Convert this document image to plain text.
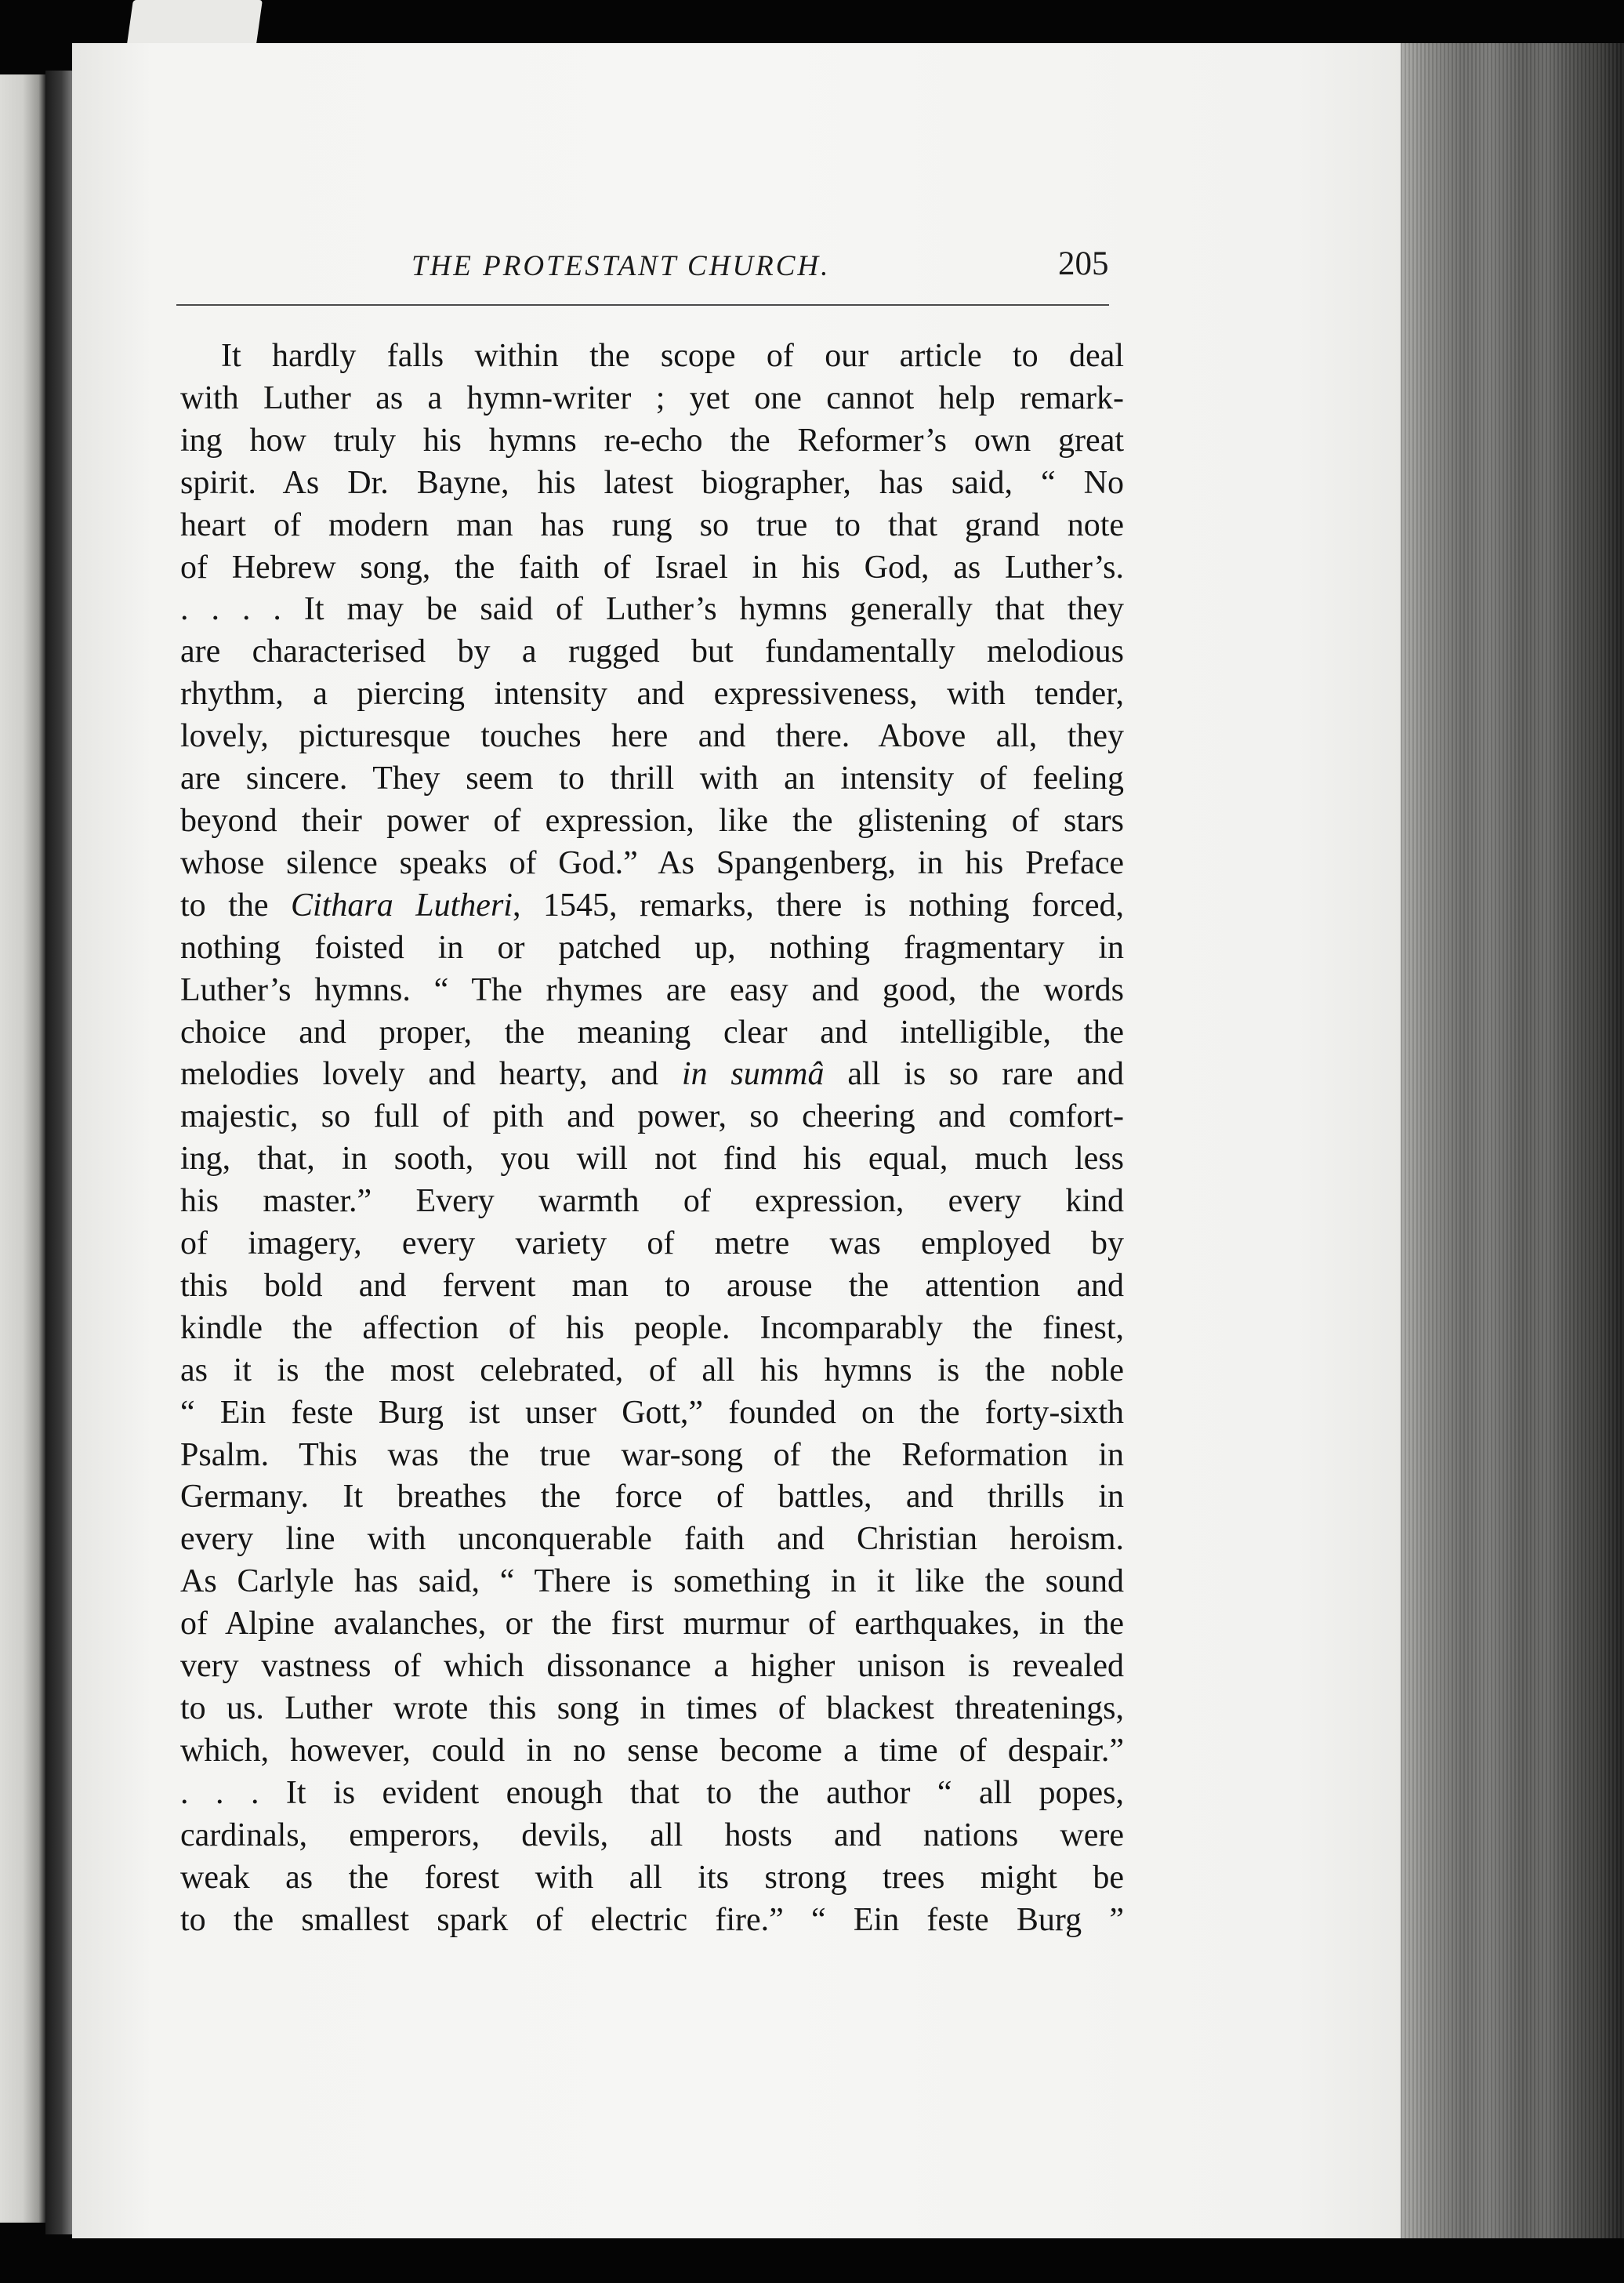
THE PROTESTANT CHURCH.	205
It hardly falls within the scope of our article to deal
with Luther as a hymn-writer ; yet one cannot help remark-
ing how truly his hymns re-echo the Reformer’s own great
spirit. As Dr. Bayne, his latest biographer, has said, “ No
heart of modern man has rung so true to that grand note
of Hebrew song, the faith of Israel in his God, as Luther’s.
. . . . It may be said of Luther’s hymns generally that they
are characterised by a rugged but fundamentally melodious
rhythm, a piercing intensity and expressiveness, with tender,
lovely, picturesque touches here and there. Above all, they
are sincere. They seem to thrill with an intensity of feeling
beyond their power of expression, like the glistening of stars
whose silence speaks of God.” As Spangenberg, in his Preface
to the Cithara Lutheri, 1545, remarks, there is nothing forced,
nothing foisted in or patched up, nothing fragmentary in
Luther’s hymns. “ The rhymes are easy and good, the words
choice and proper, the meaning clear and intelligible, the
melodies lovely and hearty, and in summâ all is so rare and
majestic, so full of pith and power, so cheering and comfort-
ing, that, in sooth, you will not find his equal, much less
his master.” Every warmth of expression, every kind
of imagery, every variety of metre was employed by
this bold and fervent man to arouse the attention and
kindle the affection of his people. Incomparably the finest,
as it is the most celebrated, of all his hymns is the noble
“ Ein feste Burg ist unser Gott,” founded on the forty-sixth
Psalm. This was the true war-song of the Reformation in
Germany. It breathes the force of battles, and thrills in
every line with unconquerable faith and Christian heroism.
As Carlyle has said, “ There is something in it like the sound
of Alpine avalanches, or the first murmur of earthquakes, in the
very vastness of which dissonance a higher unison is revealed
to us. Luther wrote this song in times of blackest threatenings,
which, however, could in no sense become a time of despair.”
. . . It is evident enough that to the author “ all popes,
cardinals, emperors, devils, all hosts and nations were
weak as the forest with all its strong trees might be
to the smallest spark of electric fire.” “ Ein feste Burg ”
